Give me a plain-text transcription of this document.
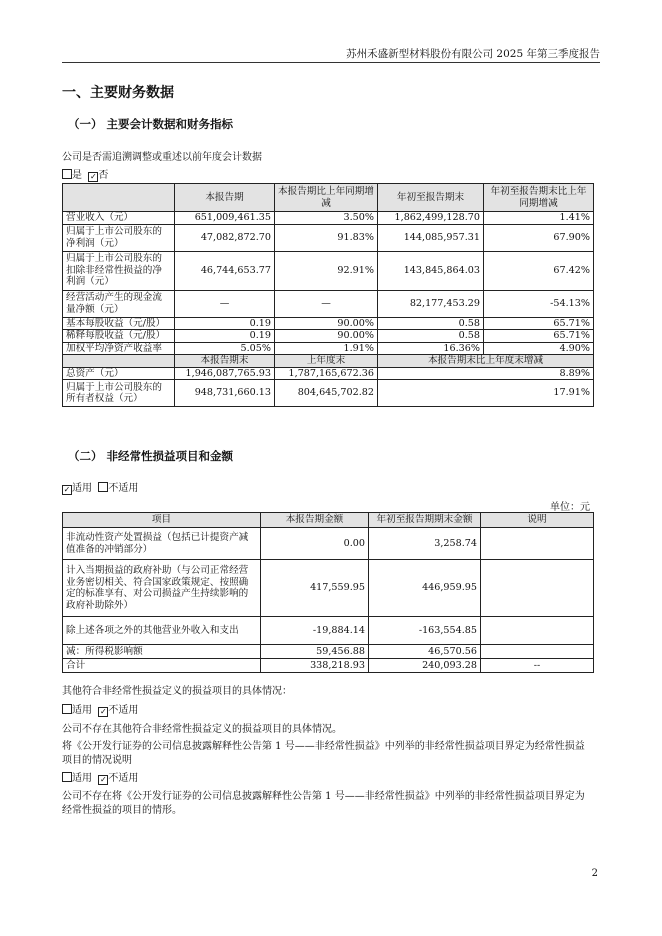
苏州禾盛新型材料股份有限公司 2025 年第三季度报告
一、主要财务数据
（一） 主要会计数据和财务指标
公司是否需追溯调整或重述以前年度会计数据
是 ✓ 否
	本报告期	本报告期比上年同期增减	年初至报告期末	年初至报告期末比上年同期增减
营业收入（元）	651,009,461.35	3.50%	1,862,499,128.70	1.41%
归属于上市公司股东的净利润（元）	47,082,872.70	91.83%	144,085,957.31	67.90%
归属于上市公司股东的扣除非经常性损益的净利润（元）	46,744,653.77	92.91%	143,845,864.03	67.42%
经营活动产生的现金流量净额（元）	—	—	82,177,453.29	-54.13%
基本每股收益（元/股）	0.19	90.00%	0.58	65.71%
稀释每股收益（元/股）	0.19	90.00%	0.58	65.71%
加权平均净资产收益率	5.05%	1.91%	16.36%	4.90%
	本报告期末	上年度末	本报告期末比上年度末增减	
总资产（元）	1,946,087,765.93	1,787,165,672.36	8.89%	
归属于上市公司股东的所有者权益（元）	948,731,660.13	804,645,702.82	17.91%	
（二） 非经常性损益项目和金额
✓ 适用 不适用
单位：元
项目	本报告期金额	年初至报告期期末金额	说明
非流动性资产处置损益（包括已计提资产减值准备的冲销部分）	0.00	3,258.74	
计入当期损益的政府补助（与公司正常经营业务密切相关、符合国家政策规定、按照确定的标准享有、对公司损益产生持续影响的政府补助除外）	417,559.95	446,959.95	
除上述各项之外的其他营业外收入和支出	-19,884.14	-163,554.85	
减：所得税影响额	59,456.88	46,570.56	
合计	338,218.93	240,093.28	--
其他符合非经常性损益定义的损益项目的具体情况：
适用 ✓ 不适用
公司不存在其他符合非经常性损益定义的损益项目的具体情况。
将《公开发行证券的公司信息披露解释性公告第 1 号——非经常性损益》中列举的非经常性损益项目界定为经常性损益
项目的情况说明
适用 ✓ 不适用
公司不存在将《公开发行证券的公司信息披露解释性公告第 1 号——非经常性损益》中列举的非经常性损益项目界定为
经常性损益的项目的情形。
2
